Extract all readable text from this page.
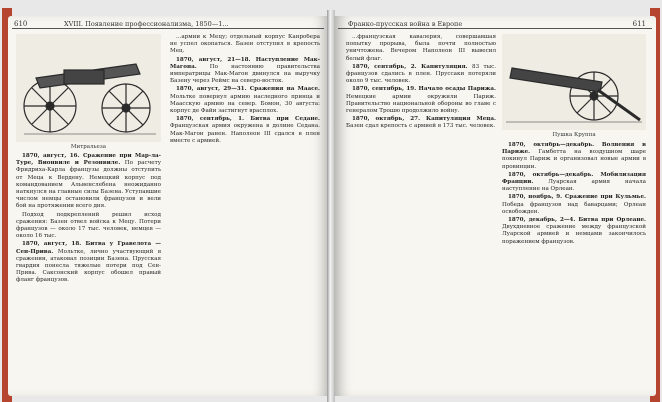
610	XVIII. Появление профессионализма, 1850—1...
Митральеза

1870, август, 16. Сражение при Мар-ла-Туре, Вионвиле и Резонвиле. По расчету Фридриха-Карла французы должны отступить от Меца к Вердену. Немецкий корпус под командованием Альвенслебена неожиданно наткнулся на главные силы Базена. Уступавшие числом немцы остановили французов и вели бой на протяжении всего дня.

Подход подкреплений решил исход сражения: Базен отвел войска к Мецу. Потери французов — около 17 тыс. человек, немцев — около 16 тыс.

1870, август, 18. Битва у Гравелота — Сен-Прива. Мольтке, лично участвующий в сражении, атаковал позиции Базена. Прусская гвардия понесла тяжелые потери под Сен-Прива. Саксонский корпус обошел правый фланг французов.

...армии к Мецу; отдельный корпус Канробера не успел окопаться. Базен отступил в крепость Мец.

1870, август, 21—18. Наступление Мак-Магона. По настоянию правительства императрицы Мак-Магон двинулся на выручку Базену через Реймс на северо-восток.

1870, август, 29—31. Сражения на Маасе. Мольтке повернул армию наследного принца и Маасскую армию на север. Бомон, 30 августа: корпус де Файи застигнут врасплох.

1870, сентябрь, 1. Битва при Седане. Французская армия окружена в долине Седана. Мак-Магон ранен. Наполеон III сдался в плен вместе с армией.

Франко-прусская война в Европе	611

...французская кавалерия, совершавшая попытку прорыва, была почти полностью уничтожена. Вечером Наполеон III вывесил белый флаг.

1870, сентябрь, 2. Капитуляция. 83 тыс. французов сдались в плен. Пруссаки потеряли около 9 тыс. человек.

1870, сентябрь, 19. Начало осады Парижа. Немецкие армии окружили Париж. Правительство национальной обороны во главе с генералом Трошю продолжило войну.

1870, октябрь, 27. Капитуляция Меца. Базен сдал крепость с армией в 173 тыс. человек.

Пушка Круппа

1870, октябрь—декабрь. Волнения в Париже. Гамбетта на воздушном шаре покинул Париж и организовал новые армии в провинции.

1870, октябрь—декабрь. Мобилизация Франции.	Луарская армия начала наступление на Орлеан.

1870, ноябрь, 9. Сражение при Кульмье. Победа французов над баварцами; Орлеан освобожден.

1870, декабрь, 2—4. Битва при Орлеане. Двухдневное сражение между французской Луарской армией и немцами закончилось поражением французов.
